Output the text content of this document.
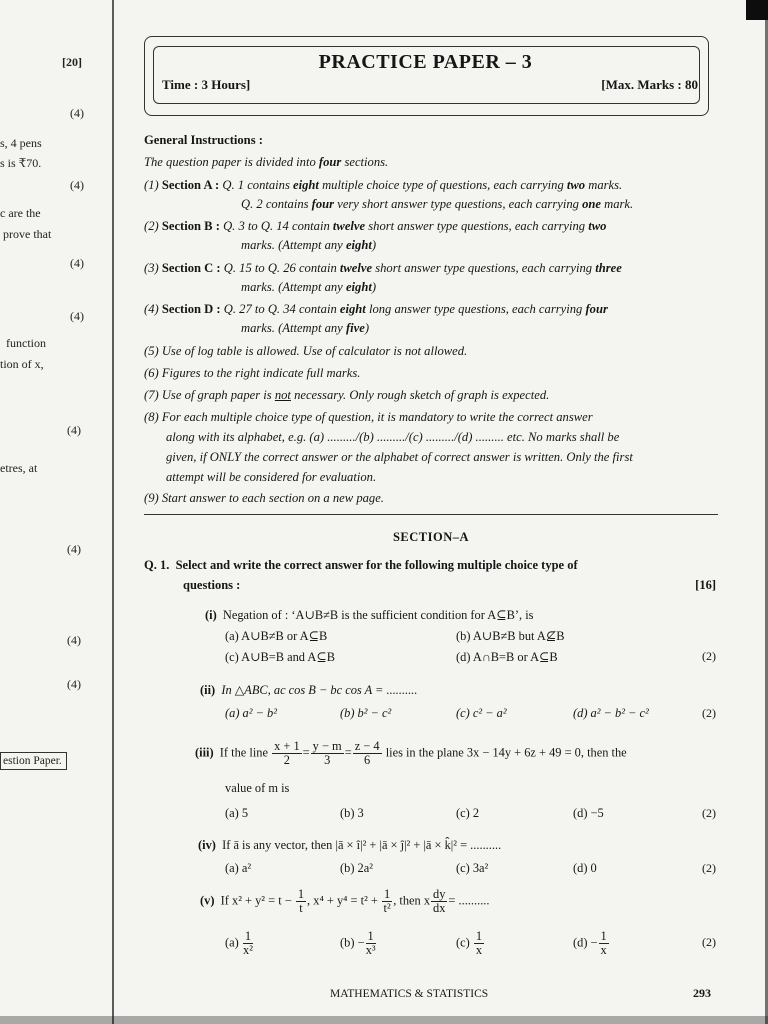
[20]
(4)
s, 4 pens
s is ₹70.
(4)
c are the
prove that
(4)
(4)
function
tion of x,
(4)
etres, at
(4)
(4)
(4)
estion Paper.
PRACTICE PAPER – 3
Time : 3 Hours]	[Max. Marks : 80
General Instructions :
The question paper is divided into four sections.
(1) Section A : Q. 1 contains eight multiple choice type of questions, each carrying two marks.
Q. 2 contains four very short answer type questions, each carrying one mark.
(2) Section B : Q. 3 to Q. 14 contain twelve short answer type questions, each carrying two
marks. (Attempt any eight)
(3) Section C : Q. 15 to Q. 26 contain twelve short answer type questions, each carrying three
marks. (Attempt any eight)
(4) Section D : Q. 27 to Q. 34 contain eight long answer type questions, each carrying four
marks. (Attempt any five)
(5) Use of log table is allowed. Use of calculator is not allowed.
(6) Figures to the right indicate full marks.
(7) Use of graph paper is not necessary. Only rough sketch of graph is expected.
(8) For each multiple choice type of question, it is mandatory to write the correct answer
along with its alphabet, e.g. (a) ........./(b) ........./(c) ........./(d) ......... etc. No marks shall be
given, if ONLY the correct answer or the alphabet of correct answer is written. Only the first
attempt will be considered for evaluation.
(9) Start answer to each section on a new page.
SECTION–A
Q. 1. Select and write the correct answer for the following multiple choice type of
questions :	[16]
(i) Negation of : ‘A∪B≠B is the sufficient condition for A⊆B’, is
(a) A∪B≠B or A⊆B	(b) A∪B≠B but A⊈B
(c) A∪B=B and A⊆B	(d) A∩B=B or A⊆B	(2)
(ii) In △ABC, ac cos B − bc cos A = ..........
(a) a² − b²	(b) b² − c²	(c) c² − a²	(d) a² − b² − c²	(2)
(iii) If the line $\frac{x + 1}{2} = \frac{y - m}{3} = \frac{z - 4}{6}$ lies in the plane 3x − 14y + 6z + 49 = 0, then the
value of m is
(a) 5	(b) 3	(c) 2	(d) −5	(2)
(iv) If ā is any vector, then |ā × î|² + |ā × ĵ|² + |ā × k̂|² = ..........
(a) a²	(b) 2a²	(c) 3a²	(d) 0	(2)
(v) If $x^2 + y^2 = t - \frac{1}{t}$ , $x^4 + y^4 = t^2 + \frac{1}{\text{t²}}$ , then x $\frac{dy}{dx}$ = ..........
$(a) \frac{1}{\text{x²}}$	$(b) - \frac{1}{\text{x³}}$	$(c) \frac{1}{x}$	$(d) - \frac{1}{x}$	(2)
MATHEMATICS & STATISTICS	293
